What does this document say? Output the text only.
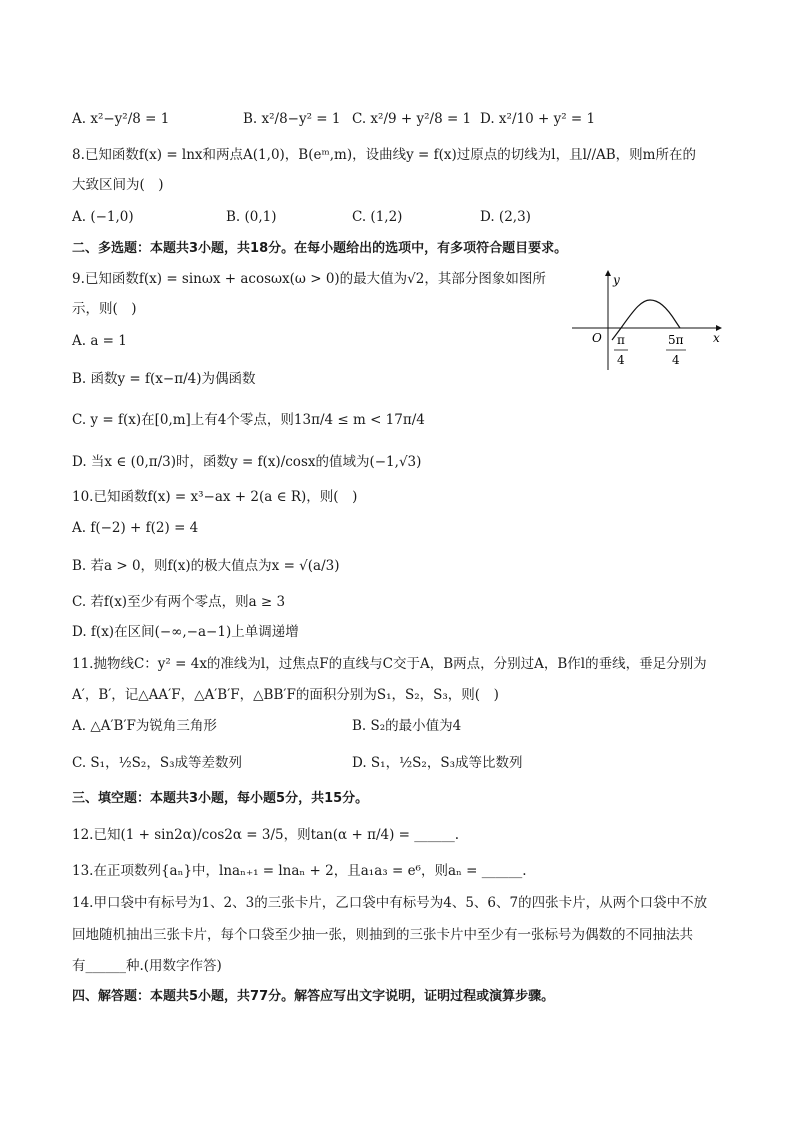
A. x²−y²/8 = 1	B. x²/8−y² = 1 C. x²/9 + y²/8 = 1 D. x²/10 + y² = 1
8.已知函数f(x) = lnx和两点A(1,0)，B(eᵐ,m)，设曲线y = f(x)过原点的切线为l，且l//AB，则m所在的
大致区间为(　)
A. (−1,0)	B. (0,1)	C. (1,2)	D. (2,3)
二、多选题：本题共3小题，共18分。在每小题给出的选项中，有多项符合题目要求。
9.已知函数f(x) = sinωx + acosωx(ω > 0)的最大值为√2，其部分图象如图所
示，则(　)
A. a = 1
B. 函数y = f(x−π/4)为偶函数
C. y = f(x)在[0,m]上有4个零点，则13π/4 ≤ m < 17π/4
D. 当x ∈ (0,π/3)时，函数y = f(x)/cosx的值域为(−1,√3)
y
x
O π
4
5π
4
10.已知函数f(x) = x³−ax + 2(a ∈ R)，则(　)
A. f(−2) + f(2) = 4
B. 若a > 0，则f(x)的极大值点为x = √(a/3)
C. 若f(x)至少有两个零点，则a ≥ 3
D. f(x)在区间(−∞,−a−1)上单调递增
11.抛物线C：y² = 4x的准线为l，过焦点F的直线与C交于A，B两点，分别过A，B作l的垂线，垂足分别为
A′，B′，记△AA′F，△A′B′F，△BB′F的面积分别为S₁，S₂，S₃，则(　)
A. △A′B′F为锐角三角形	B. S₂的最小值为4
C. S₁，½S₂，S₃成等差数列	D. S₁，½S₂，S₃成等比数列
三、填空题：本题共3小题，每小题5分，共15分。
12.已知(1 + sin2α)/cos2α = 3/5，则tan(α + π/4) = ______.
13.在正项数列{aₙ}中，lnaₙ₊₁ = lnaₙ + 2，且a₁a₃ = e⁶，则aₙ = ______.
14.甲口袋中有标号为1、2、3的三张卡片，乙口袋中有标号为4、5、6、7的四张卡片，从两个口袋中不放
回地随机抽出三张卡片，每个口袋至少抽一张，则抽到的三张卡片中至少有一张标号为偶数的不同抽法共
有______种.(用数字作答)
四、解答题：本题共5小题，共77分。解答应写出文字说明，证明过程或演算步骤。
